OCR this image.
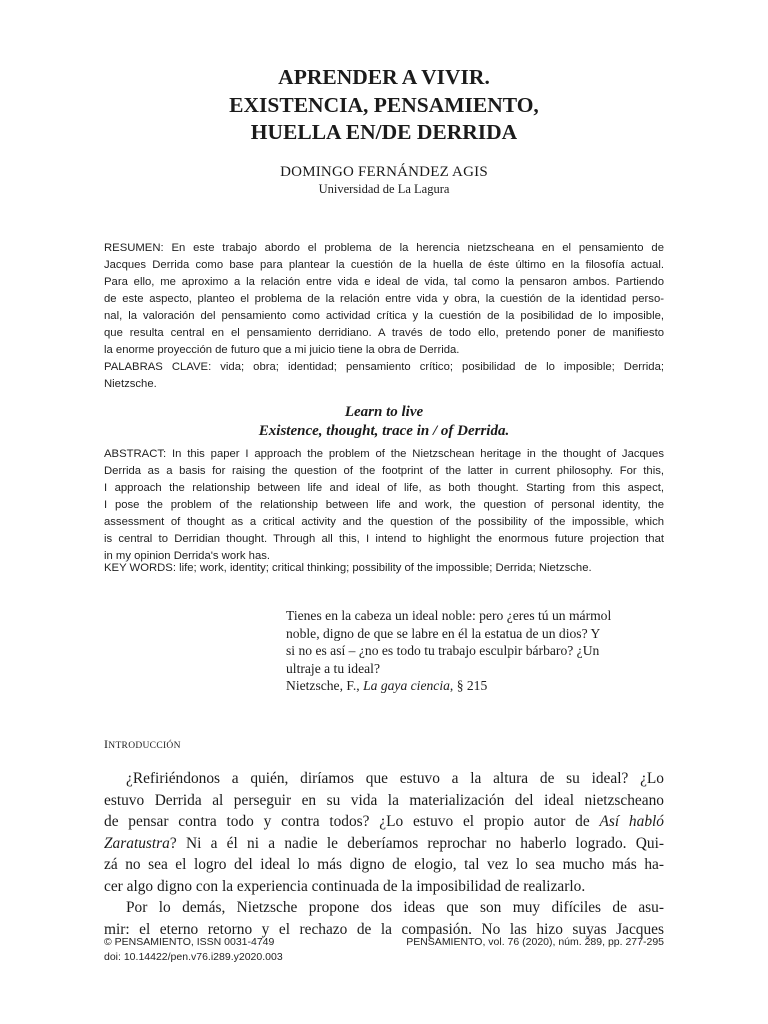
APRENDER A VIVIR.
EXISTENCIA, PENSAMIENTO,
HUELLA EN/DE DERRIDA
DOMINGO FERNÁNDEZ AGIS
Universidad de La Lagura
RESUMEN: En este trabajo abordo el problema de la herencia nietzscheana en el pensamiento de
Jacques Derrida como base para plantear la cuestión de la huella de éste último en la filosofía actual.
Para ello, me aproximo a la relación entre vida e ideal de vida, tal como la pensaron ambos. Partiendo
de este aspecto, planteo el problema de la relación entre vida y obra, la cuestión de la identidad perso-
nal, la valoración del pensamiento como actividad crítica y la cuestión de la posibilidad de lo imposible,
que resulta central en el pensamiento derridiano. A través de todo ello, pretendo poner de manifiesto
la enorme proyección de futuro que a mi juicio tiene la obra de Derrida.
PALABRAS CLAVE: vida; obra; identidad; pensamiento crítico; posibilidad de lo imposible; Derrida;
Nietzsche.
Learn to live
Existence, thought, trace in / of Derrida.
ABSTRACT: In this paper I approach the problem of the Nietzschean heritage in the thought of Jacques
Derrida as a basis for raising the question of the footprint of the latter in current philosophy. For this,
I approach the relationship between life and ideal of life, as both thought. Starting from this aspect,
I pose the problem of the relationship between life and work, the question of personal identity, the
assessment of thought as a critical activity and the question of the possibility of the impossible, which
is central to Derridian thought. Through all this, I intend to highlight the enormous future projection that
in my opinion Derrida's work has.
KEY WORDS: life; work, identity; critical thinking; possibility of the impossible; Derrida; Nietzsche.
Tienes en la cabeza un ideal noble: pero ¿eres tú un mármol
noble, digno de que se labre en él la estatua de un dios? Y
si no es así – ¿no es todo tu trabajo esculpir bárbaro? ¿Un
ultraje a tu ideal?
Nietzsche, F., La gaya ciencia, § 215
INTRODUCCIÓN
¿Refiriéndonos a quién, diríamos que estuvo a la altura de su ideal? ¿Lo
estuvo Derrida al perseguir en su vida la materialización del ideal nietzscheano
de pensar contra todo y contra todos? ¿Lo estuvo el propio autor de Así habló
Zaratustra? Ni a él ni a nadie le deberíamos reprochar no haberlo logrado. Qui-
zá no sea el logro del ideal lo más digno de elogio, tal vez lo sea mucho más ha-
cer algo digno con la experiencia continuada de la imposibilidad de realizarlo.
Por lo demás, Nietzsche propone dos ideas que son muy difíciles de asu-
mir: el eterno retorno y el rechazo de la compasión. No las hizo suyas Jacques
© PENSAMIENTO, ISSN 0031-4749
doi: 10.14422/pen.v76.i289.y2020.003
PENSAMIENTO, vol. 76 (2020), núm. 289, pp. 277-295
